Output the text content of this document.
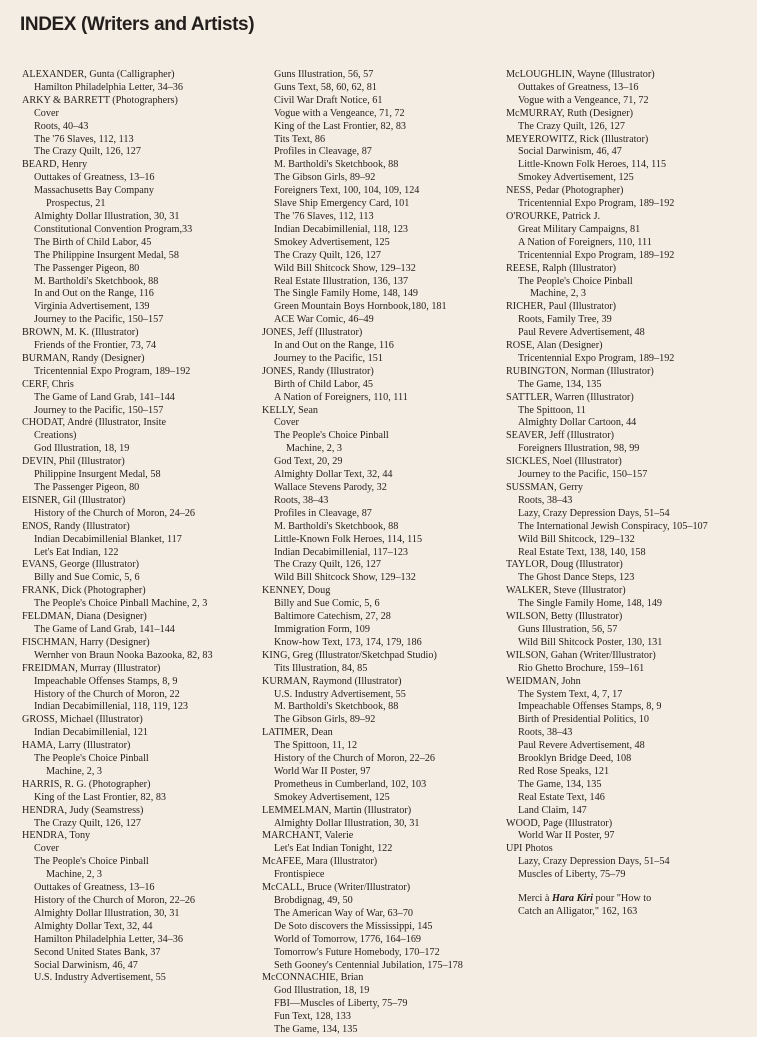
INDEX (Writers and Artists)

ALEXANDER, Gunta (Calligrapher)

Hamilton Philadelphia Letter, 34–36

ARKY & BARRETT (Photographers)

Cover

Roots, 40–43

The '76 Slaves, 112, 113

The Crazy Quilt, 126, 127

BEARD, Henry

Outtakes of Greatness, 13–16

Massachusetts Bay Company

Prospectus, 21

Almighty Dollar Illustration, 30, 31

Constitutional Convention Program,33

The Birth of Child Labor, 45

The Philippine Insurgent Medal, 58

The Passenger Pigeon, 80

M. Bartholdi's Sketchbook, 88

In and Out on the Range, 116

Virginia Advertisement, 139

Journey to the Pacific, 150–157

BROWN, M. K. (Illustrator)

Friends of the Frontier, 73, 74

BURMAN, Randy (Designer)

Tricentennial Expo Program, 189–192

CERF, Chris

The Game of Land Grab, 141–144

Journey to the Pacific, 150–157

CHODAT, André (Illustrator, Insite

Creations)

God Illustration, 18, 19

DEVIN, Phil (Illustrator)

Philippine Insurgent Medal, 58

The Passenger Pigeon, 80

EISNER, Gil (Illustrator)

History of the Church of Moron, 24–26

ENOS, Randy (Illustrator)

Indian Decabimillenial Blanket, 117

Let's Eat Indian, 122

EVANS, George (Illustrator)

Billy and Sue Comic, 5, 6

FRANK, Dick (Photographer)

The People's Choice Pinball Machine, 2, 3

FELDMAN, Diana (Designer)

The Game of Land Grab, 141–144

FISCHMAN, Harry (Designer)

Wernher von Braun Nooka Bazooka, 82, 83

FREIDMAN, Murray (Illustrator)

Impeachable Offenses Stamps, 8, 9

History of the Church of Moron, 22

Indian Decabimillenial, 118, 119, 123

GROSS, Michael (Illustrator)

Indian Decabimillenial, 121

HAMA, Larry (Illustrator)

The People's Choice Pinball

Machine, 2, 3

HARRIS, R. G. (Photographer)

King of the Last Frontier, 82, 83

HENDRA, Judy (Seamstress)

The Crazy Quilt, 126, 127

HENDRA, Tony

Cover

The People's Choice Pinball

Machine, 2, 3

Outtakes of Greatness, 13–16

History of the Church of Moron, 22–26

Almighty Dollar Illustration, 30, 31

Almighty Dollar Text, 32, 44

Hamilton Philadelphia Letter, 34–36

Second United States Bank, 37

Social Darwinism, 46, 47

U.S. Industry Advertisement, 55

Guns Illustration, 56, 57

Guns Text, 58, 60, 62, 81

Civil War Draft Notice, 61

Vogue with a Vengeance, 71, 72

King of the Last Frontier, 82, 83

Tits Text, 86

Profiles in Cleavage, 87

M. Bartholdi's Sketchbook, 88

The Gibson Girls, 89–92

Foreigners Text, 100, 104, 109, 124

Slave Ship Emergency Card, 101

The '76 Slaves, 112, 113

Indian Decabimillenial, 118, 123

Smokey Advertisement, 125

The Crazy Quilt, 126, 127

Wild Bill Shitcock Show, 129–132

Real Estate Illustration, 136, 137

The Single Family Home, 148, 149

Green Mountain Boys Hornbook,180, 181

ACE War Comic, 46–49

JONES, Jeff (Illustrator)

In and Out on the Range, 116

Journey to the Pacific, 151

JONES, Randy (Illustrator)

Birth of Child Labor, 45

A Nation of Foreigners, 110, 111

KELLY, Sean

Cover

The People's Choice Pinball

Machine, 2, 3

God Text, 20, 29

Almighty Dollar Text, 32, 44

Wallace Stevens Parody, 32

Roots, 38–43

Profiles in Cleavage, 87

M. Bartholdi's Sketchbook, 88

Little-Known Folk Heroes, 114, 115

Indian Decabimillenial, 117–123

The Crazy Quilt, 126, 127

Wild Bill Shitcock Show, 129–132

KENNEY, Doug

Billy and Sue Comic, 5, 6

Baltimore Catechism, 27, 28

Immigration Form, 109

Know-how Text, 173, 174, 179, 186

KING, Greg (Illustrator/Sketchpad Studio)

Tits Illustration, 84, 85

KURMAN, Raymond (Illustrator)

U.S. Industry Advertisement, 55

M. Bartholdi's Sketchbook, 88

The Gibson Girls, 89–92

LATIMER, Dean

The Spittoon, 11, 12

History of the Church of Moron, 22–26

World War II Poster, 97

Prometheus in Cumberland, 102, 103

Smokey Advertisement, 125

LEMMELMAN, Martin (Illustrator)

Almighty Dollar Illustration, 30, 31

MARCHANT, Valerie

Let's Eat Indian Tonight, 122

McAFEE, Mara (Illustrator)

Frontispiece

McCALL, Bruce (Writer/Illustrator)

Brobdignag, 49, 50

The American Way of War, 63–70

De Soto discovers the Mississippi, 145

World of Tomorrow, 1776, 164–169

Tomorrow's Future Homebody, 170–172

Seth Gooney's Centennial Jubilation, 175–178

McCONNACHIE, Brian

God Illustration, 18, 19

FBI—Muscles of Liberty, 75–79

Fun Text, 128, 133

The Game, 134, 135

McLOUGHLIN, Wayne (Illustrator)

Outtakes of Greatness, 13–16

Vogue with a Vengeance, 71, 72

McMURRAY, Ruth (Designer)

The Crazy Quilt, 126, 127

MEYEROWITZ, Rick (Illustrator)

Social Darwinism, 46, 47

Little-Known Folk Heroes, 114, 115

Smokey Advertisement, 125

NESS, Pedar (Photographer)

Tricentennial Expo Program, 189–192

O'ROURKE, Patrick J.

Great Military Campaigns, 81

A Nation of Foreigners, 110, 111

Tricentennial Expo Program, 189–192

REESE, Ralph (Illustrator)

The People's Choice Pinball

Machine, 2, 3

RICHER, Paul (Illustrator)

Roots, Family Tree, 39

Paul Revere Advertisement, 48

ROSE, Alan (Designer)

Tricentennial Expo Program, 189–192

RUBINGTON, Norman (Illustrator)

The Game, 134, 135

SATTLER, Warren (Illustrator)

The Spittoon, 11

Almighty Dollar Cartoon, 44

SEAVER, Jeff (Illustrator)

Foreigners Illustration, 98, 99

SICKLES, Noel (Illustrator)

Journey to the Pacific, 150–157

SUSSMAN, Gerry

Roots, 38–43

Lazy, Crazy Depression Days, 51–54

The International Jewish Conspiracy, 105–107

Wild Bill Shitcock, 129–132

Real Estate Text, 138, 140, 158

TAYLOR, Doug (Illustrator)

The Ghost Dance Steps, 123

WALKER, Steve (Illustrator)

The Single Family Home, 148, 149

WILSON, Betty (Illustrator)

Guns Illustration, 56, 57

Wild Bill Shitcock Poster, 130, 131

WILSON, Gahan (Writer/Illustrator)

Rio Ghetto Brochure, 159–161

WEIDMAN, John

The System Text, 4, 7, 17

Impeachable Offenses Stamps, 8, 9

Birth of Presidential Politics, 10

Roots, 38–43

Paul Revere Advertisement, 48

Brooklyn Bridge Deed, 108

Red Rose Speaks, 121

The Game, 134, 135

Real Estate Text, 146

Land Claim, 147

WOOD, Page (Illustrator)

World War II Poster, 97

UPI Photos

Lazy, Crazy Depression Days, 51–54

Muscles of Liberty, 75–79

Merci à Hara Kiri pour "How to

Catch an Alligator," 162, 163
